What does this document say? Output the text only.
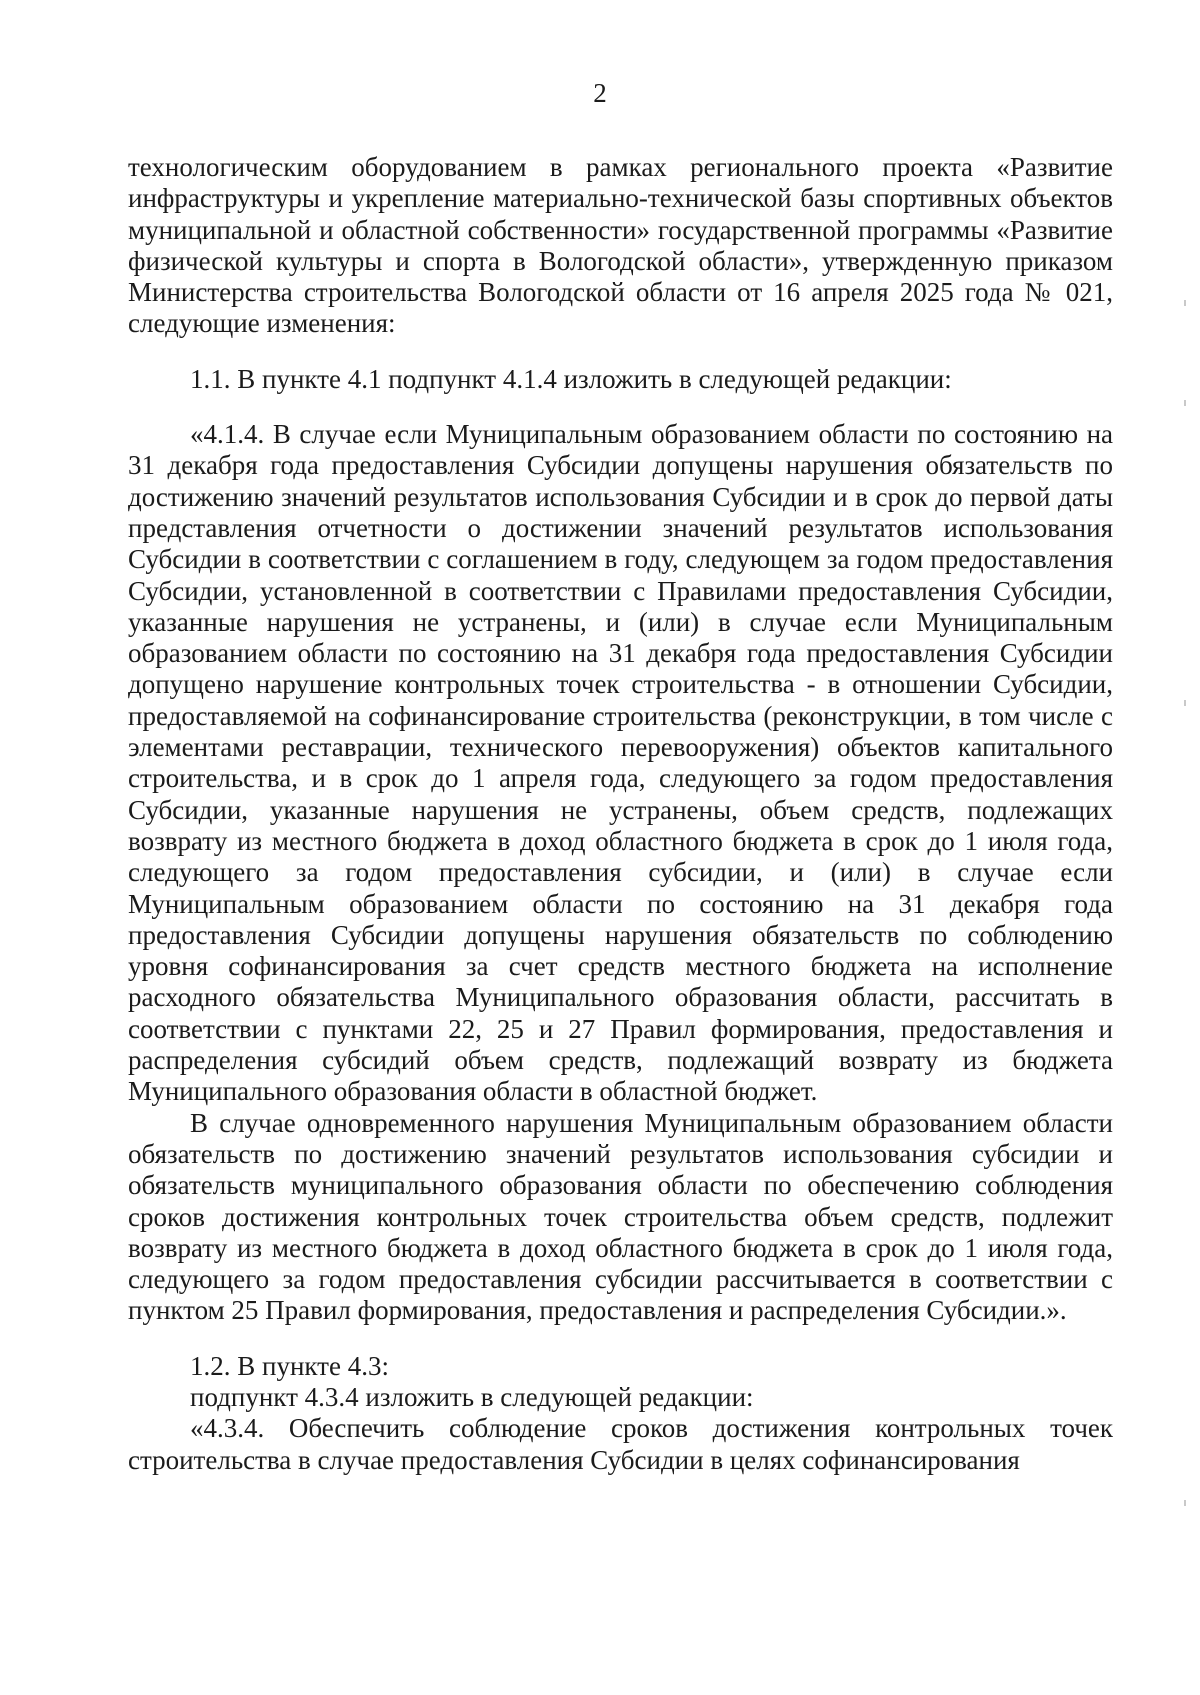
2

технологическим оборудованием в рамках регионального проекта «Развитие инфраструктуры и укрепление материально-технической базы спортивных объектов муниципальной и областной собственности» государственной программы «Развитие физической культуры и спорта в Вологодской области», утвержденную приказом Министерства строительства Вологодской области от 16 апреля 2025 года № 021, следующие изменения:

1.1. В пункте 4.1 подпункт 4.1.4 изложить в следующей редакции:

«4.1.4. В случае если Муниципальным образованием области по состоянию на 31 декабря года предоставления Субсидии допущены нарушения обязательств по достижению значений результатов использования Субсидии и в срок до первой даты представления отчетности о достижении значений результатов использования Субсидии в соответствии с соглашением в году, следующем за годом предоставления Субсидии, установленной в соответствии с Правилами предоставления Субсидии, указанные нарушения не устранены, и (или) в случае если Муниципальным образованием области по состоянию на 31 декабря года предоставления Субсидии допущено нарушение контрольных точек строительства - в отношении Субсидии, предоставляемой на софинансирование строительства (реконструкции, в том числе с элементами реставрации, технического перевооружения) объектов капитального строительства, и в срок до 1 апреля года, следующего за годом предоставления Субсидии, указанные нарушения не устранены, объем средств, подлежащих возврату из местного бюджета в доход областного бюджета в срок до 1 июля года, следующего за годом предоставления субсидии, и (или) в случае если Муниципальным образованием области по состоянию на 31 декабря года предоставления Субсидии допущены нарушения обязательств по соблюдению уровня софинансирования за счет средств местного бюджета на исполнение расходного обязательства Муниципального образования области, рассчитать в соответствии с пунктами 22, 25 и 27 Правил формирования, предоставления и распределения субсидий объем средств, подлежащий возврату из бюджета Муниципального образования области в областной бюджет.

В случае одновременного нарушения Муниципальным образованием области обязательств по достижению значений результатов использования субсидии и обязательств муниципального образования области по обеспечению соблюдения сроков достижения контрольных точек строительства объем средств, подлежит возврату из местного бюджета в доход областного бюджета в срок до 1 июля года, следующего за годом предоставления субсидии рассчитывается в соответствии с пунктом 25 Правил формирования, предоставления и распределения Субсидии.».

1.2. В пункте 4.3:

подпункт 4.3.4 изложить в следующей редакции:

«4.3.4. Обеспечить соблюдение сроков достижения контрольных точек строительства в случае предоставления Субсидии в целях софинансирования
